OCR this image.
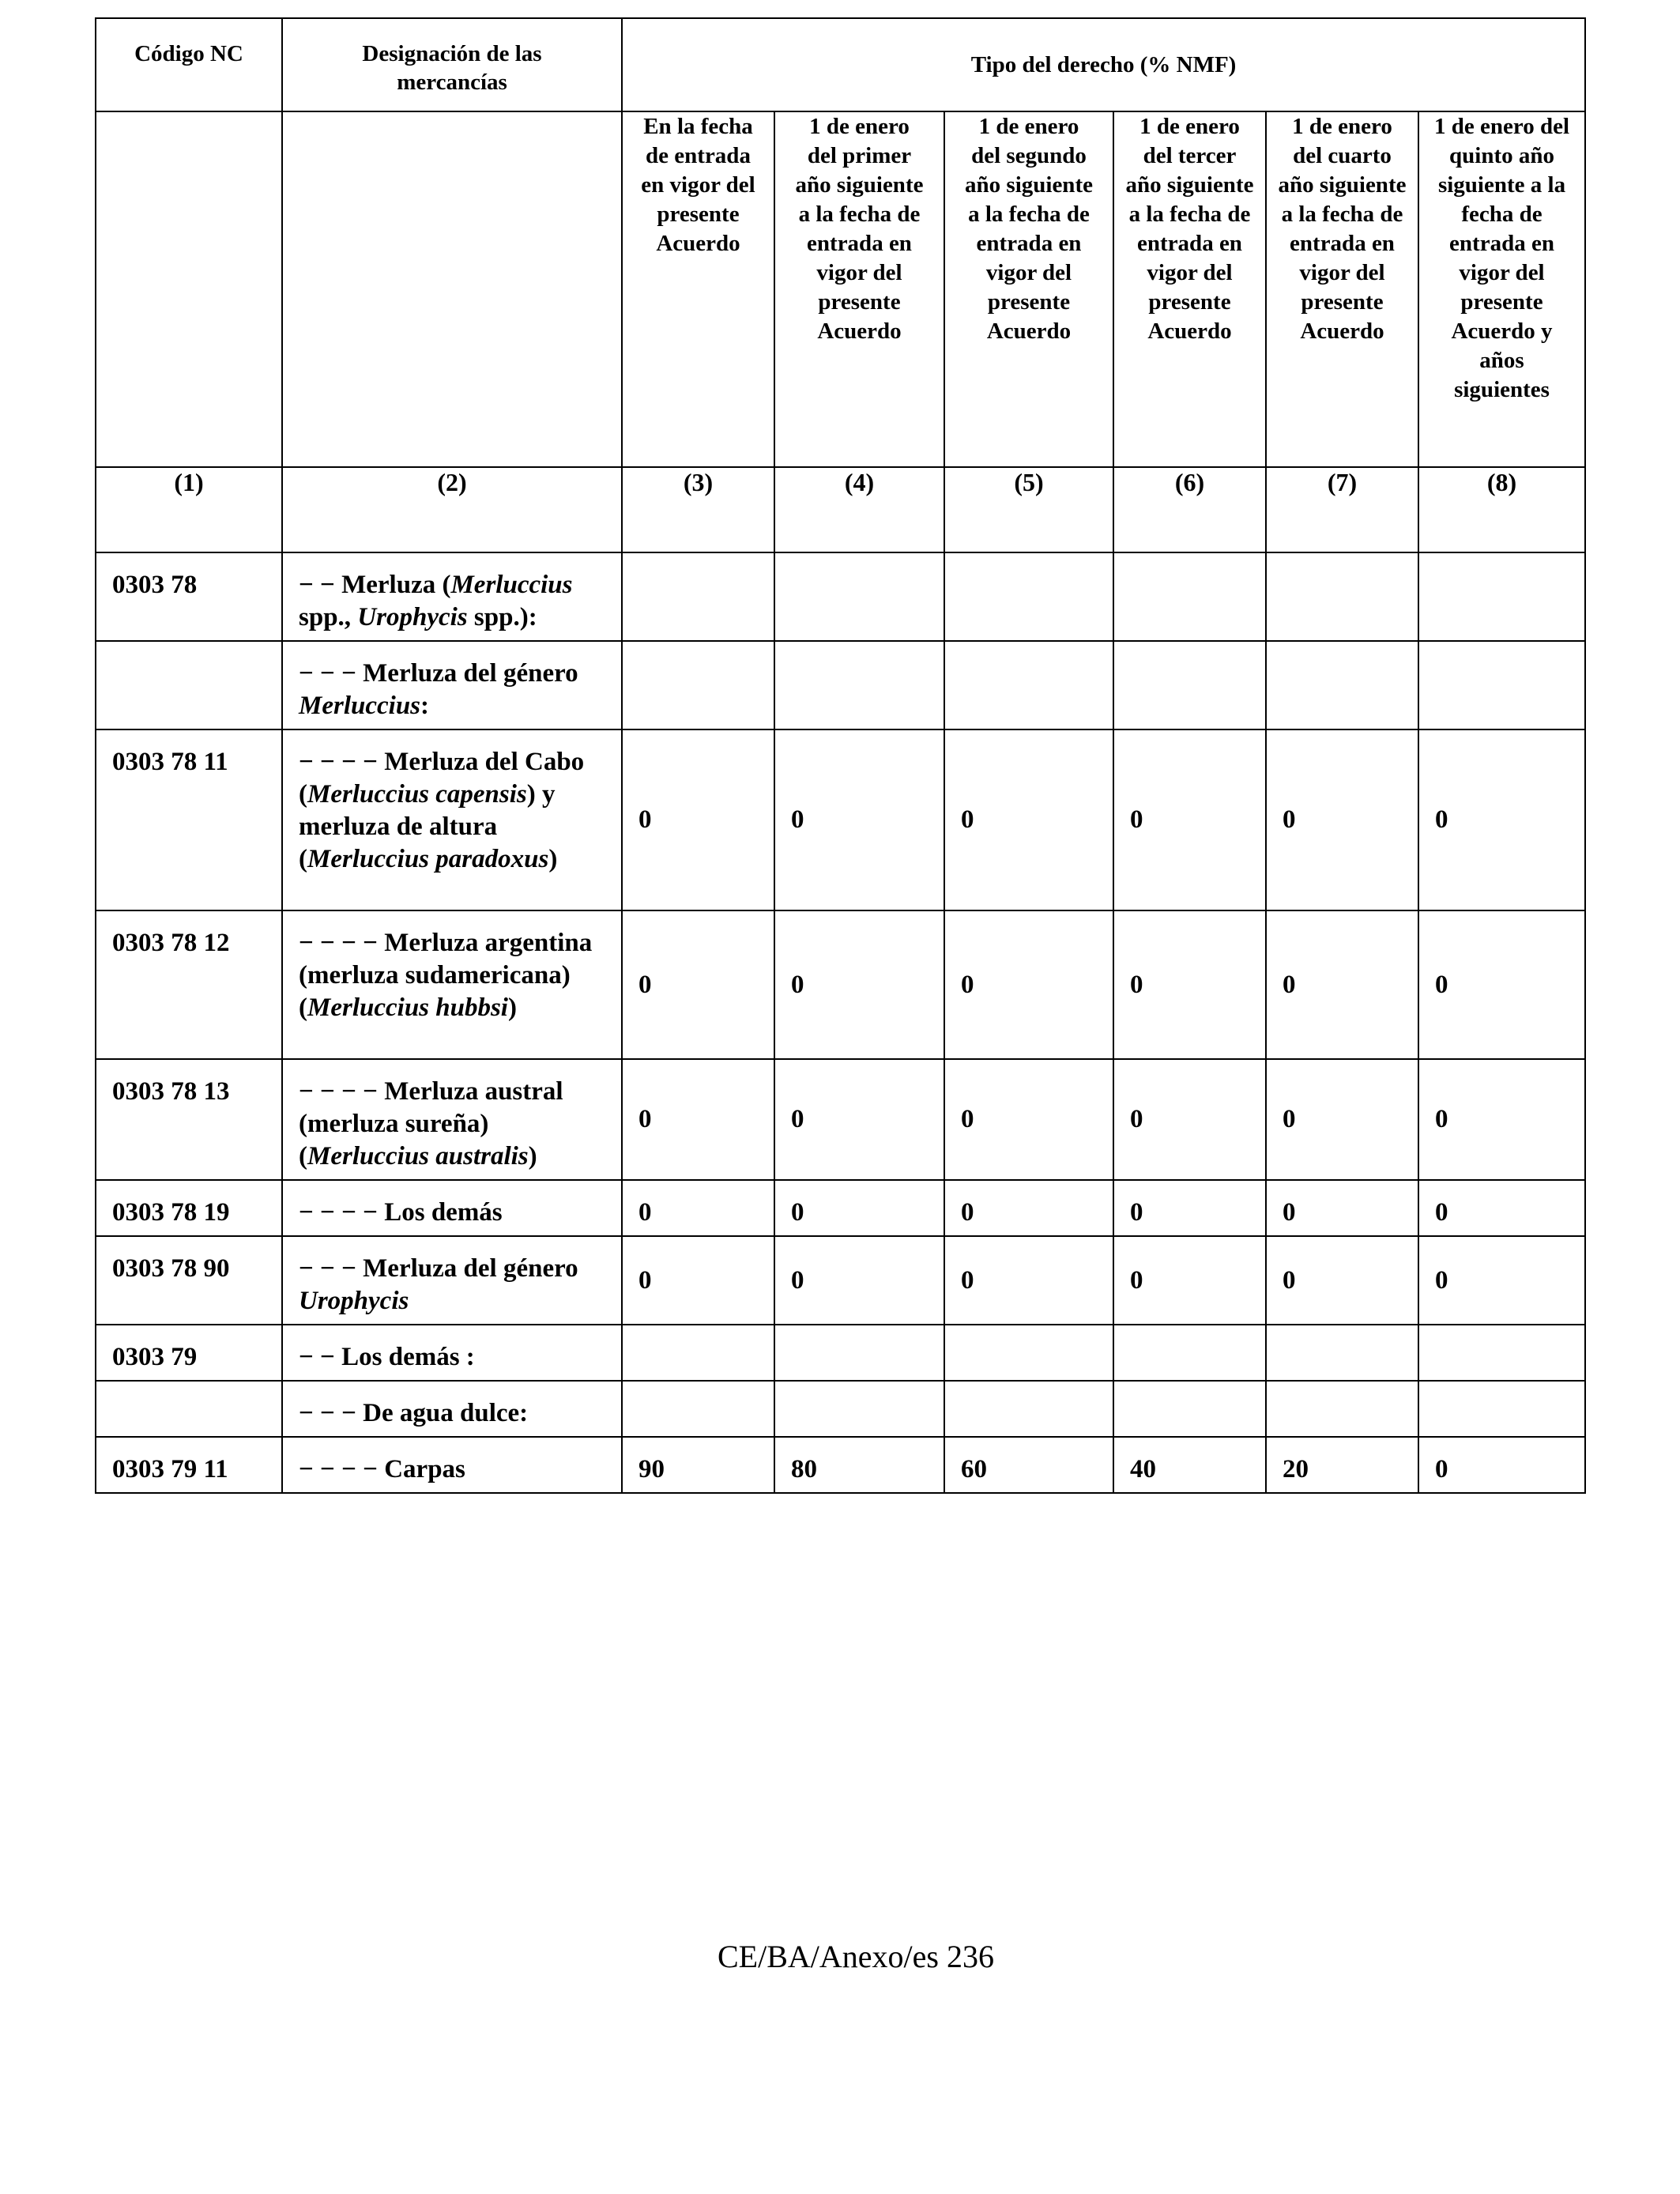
Código NC	Designación de las mercancías	Tipo del derecho (% NMF)					

		En la fecha de entrada en vigor del presente Acuerdo	1 de enero del primer año siguiente a la fecha de entrada en vigor del presente Acuerdo	1 de enero del segundo año siguiente a la fecha de entrada en vigor del presente Acuerdo	1 de enero del tercer año siguiente a la fecha de entrada en vigor del presente Acuerdo	1 de enero del cuarto año siguiente a la fecha de entrada en vigor del presente Acuerdo	1 de enero del quinto año siguiente a la fecha de entrada en vigor del presente Acuerdo y años siguientes

(1)	(2)	(3)	(4)	(5)	(6)	(7)	(8)
0303 78	− − Merluza (Merluccius spp., Urophycis spp.):						
	− − − Merluza del género Merluccius:						
0303 78 11	− − − − Merluza del Cabo (Merluccius capensis) y merluza de altura (Merluccius paradoxus)	0	0	0	0	0	0
0303 78 12	− − − − Merluza argentina (merluza sudamericana) (Merluccius hubbsi)	0	0	0	0	0	0
0303 78 13	− − − − Merluza austral (merluza sureña) (Merluccius australis)	0	0	0	0	0	0
0303 78 19	− − − − Los demás	0	0	0	0	0	0
0303 78 90	− − − Merluza del género Urophycis	0	0	0	0	0	0
0303 79	− − Los demás :						
	− − − De agua dulce:						
0303 79 11	− − − − Carpas	90	80	60	40	20	0
CE/BA/Anexo/es 236
